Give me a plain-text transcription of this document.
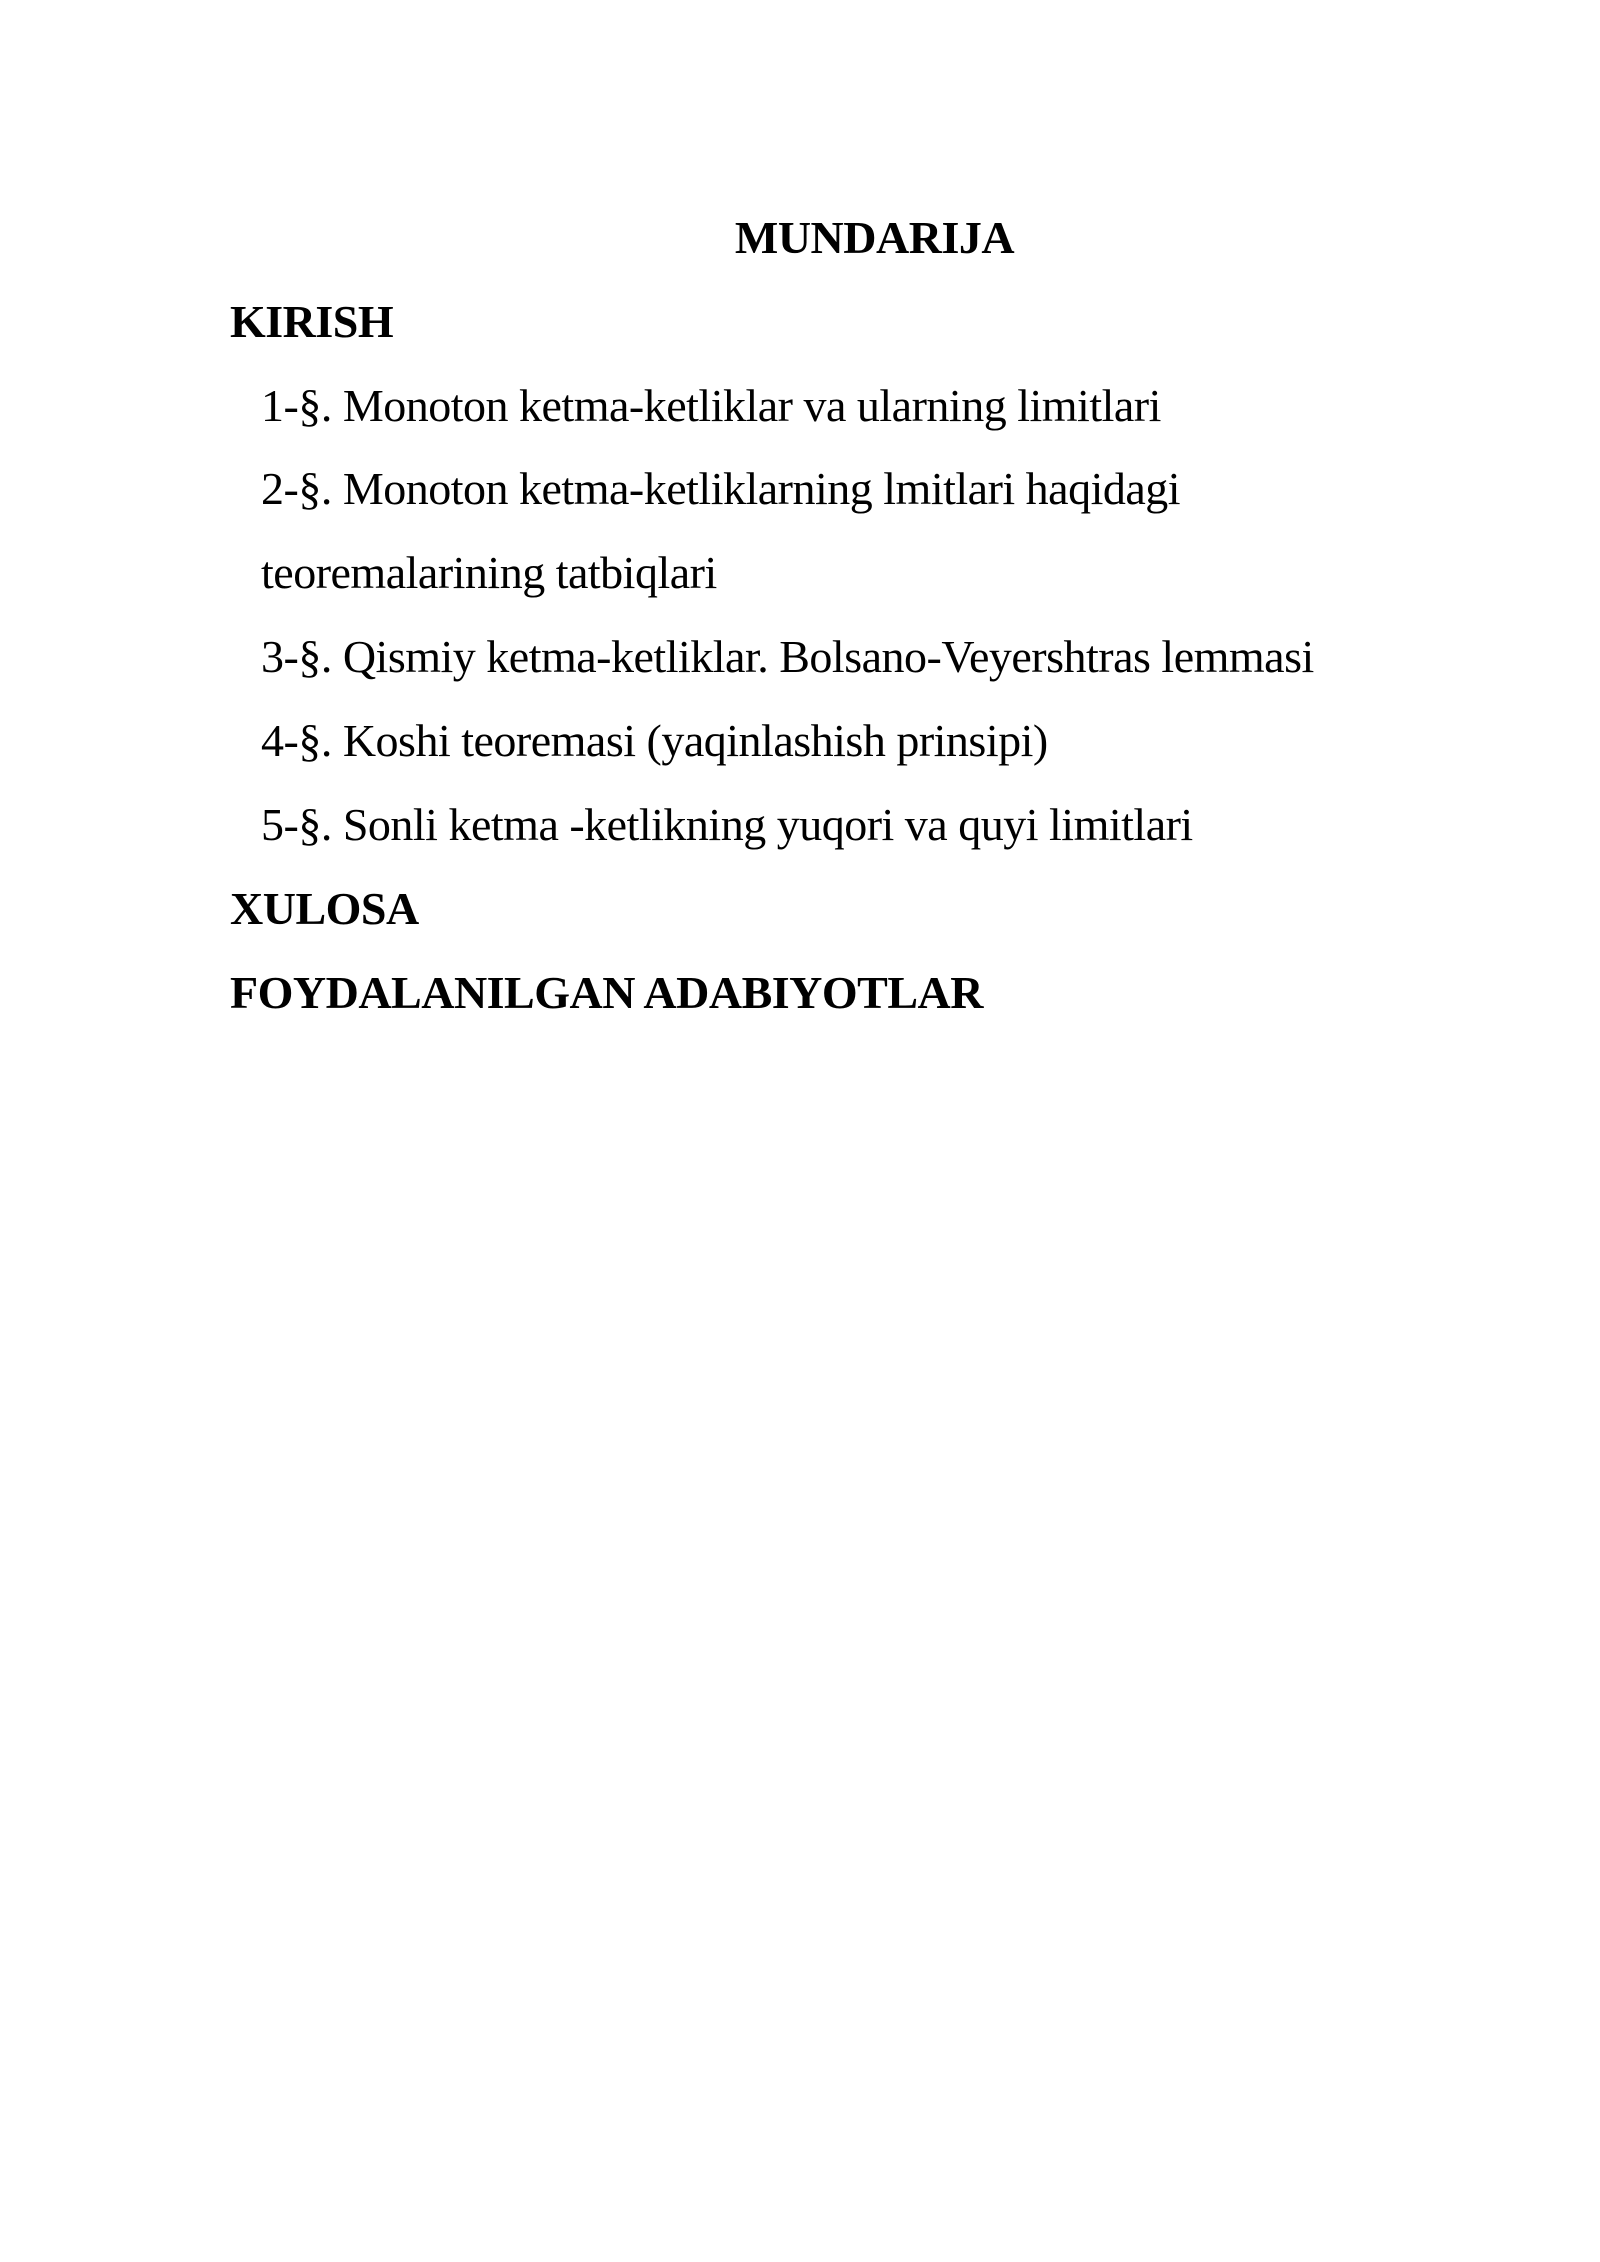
MUNDARIJA
KIRISH
1-§. Monoton ketma-ketliklar va ularning limitlari
2-§. Monoton ketma-ketliklarning lmitlari haqidagi
teoremalarining tatbiqlari
3-§. Qismiy ketma-ketliklar. Bolsano-Veyershtras lemmasi
4-§. Koshi teoremasi (yaqinlashish prinsipi)
5-§. Sonli ketma -ketlikning yuqori va quyi limitlari
XULOSA
FOYDALANILGAN ADABIYOTLAR
